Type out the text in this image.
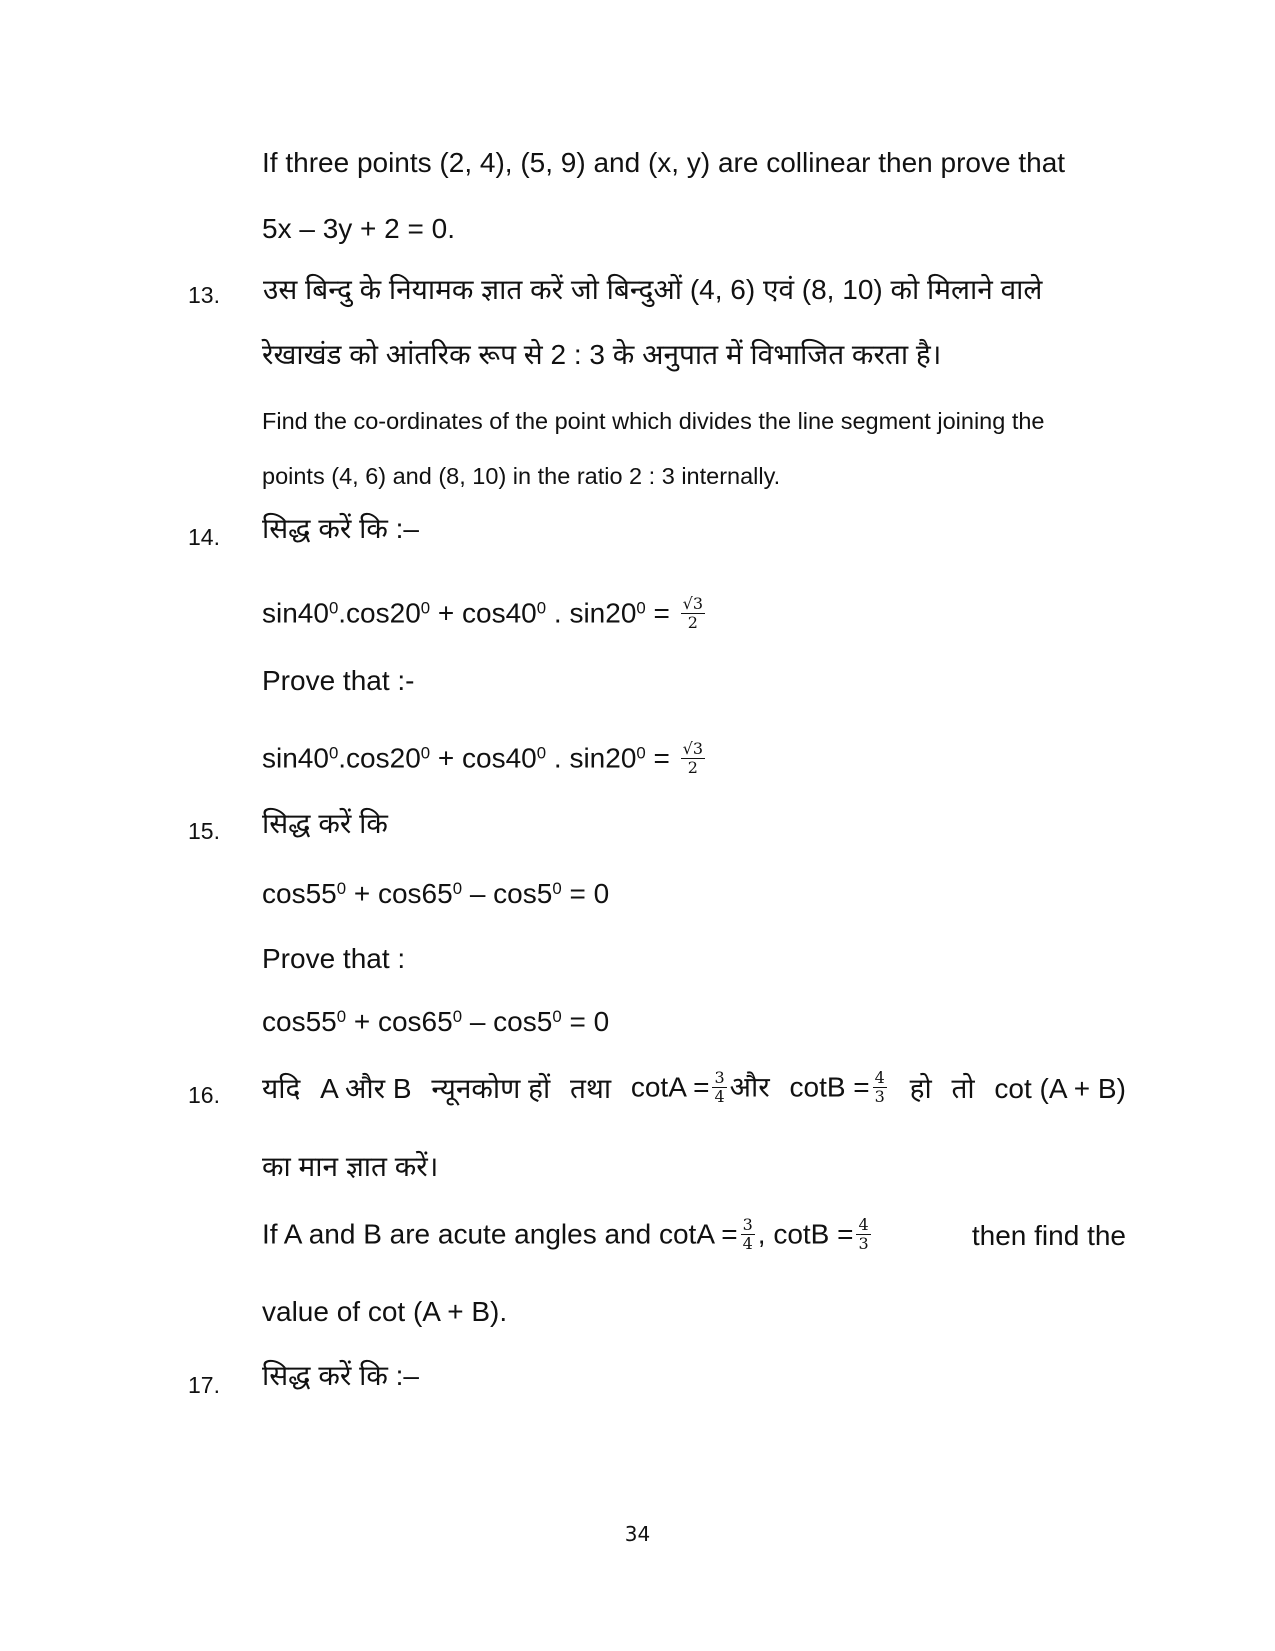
If three points (2, 4), (5, 9) and (x, y) are collinear then prove that
5x – 3y + 2 = 0.
13. उस बिन्दु के नियामक ज्ञात करें जो बिन्दुओं (4, 6) एवं (8, 10) को मिलाने वाले
रेखाखंड को आंतरिक रूप से 2 : 3 के अनुपात में विभाजित करता है।
Find the co-ordinates of the point which divides the line segment joining the
points (4, 6) and (8, 10) in the ratio 2 : 3 internally.
14. सिद्ध करें कि :–
$\sin 40^0.\cos 20^0 + \cos 40^0$ . $\sin 20^0 = \frac{√3}{2}$
Prove that :-
$\sin 40^0.\cos 20^0 + \cos 40^0$ . $\sin 20^0 = \frac{√3}{2}$
15. सिद्ध करें कि
$\cos 55^0 + \cos 65^0 - \cos 5^0 = 0$
Prove that :
$\cos 55^0 + \cos 65^0 - \cos 5^0 = 0$
16. यदि A और B न्यूनकोण हों तथा $\cot A = \frac{3}{4}$ और $\cot B = \frac{4}{3}$ हो तो cot (A + B)
का मान ज्ञात करें।
If A and B are acute angles and $\cot A = \frac{3}{4}$ , $\cot B = \frac{4}{3}$	then find the
value of cot (A + B).
17. सिद्ध करें कि :–
34
